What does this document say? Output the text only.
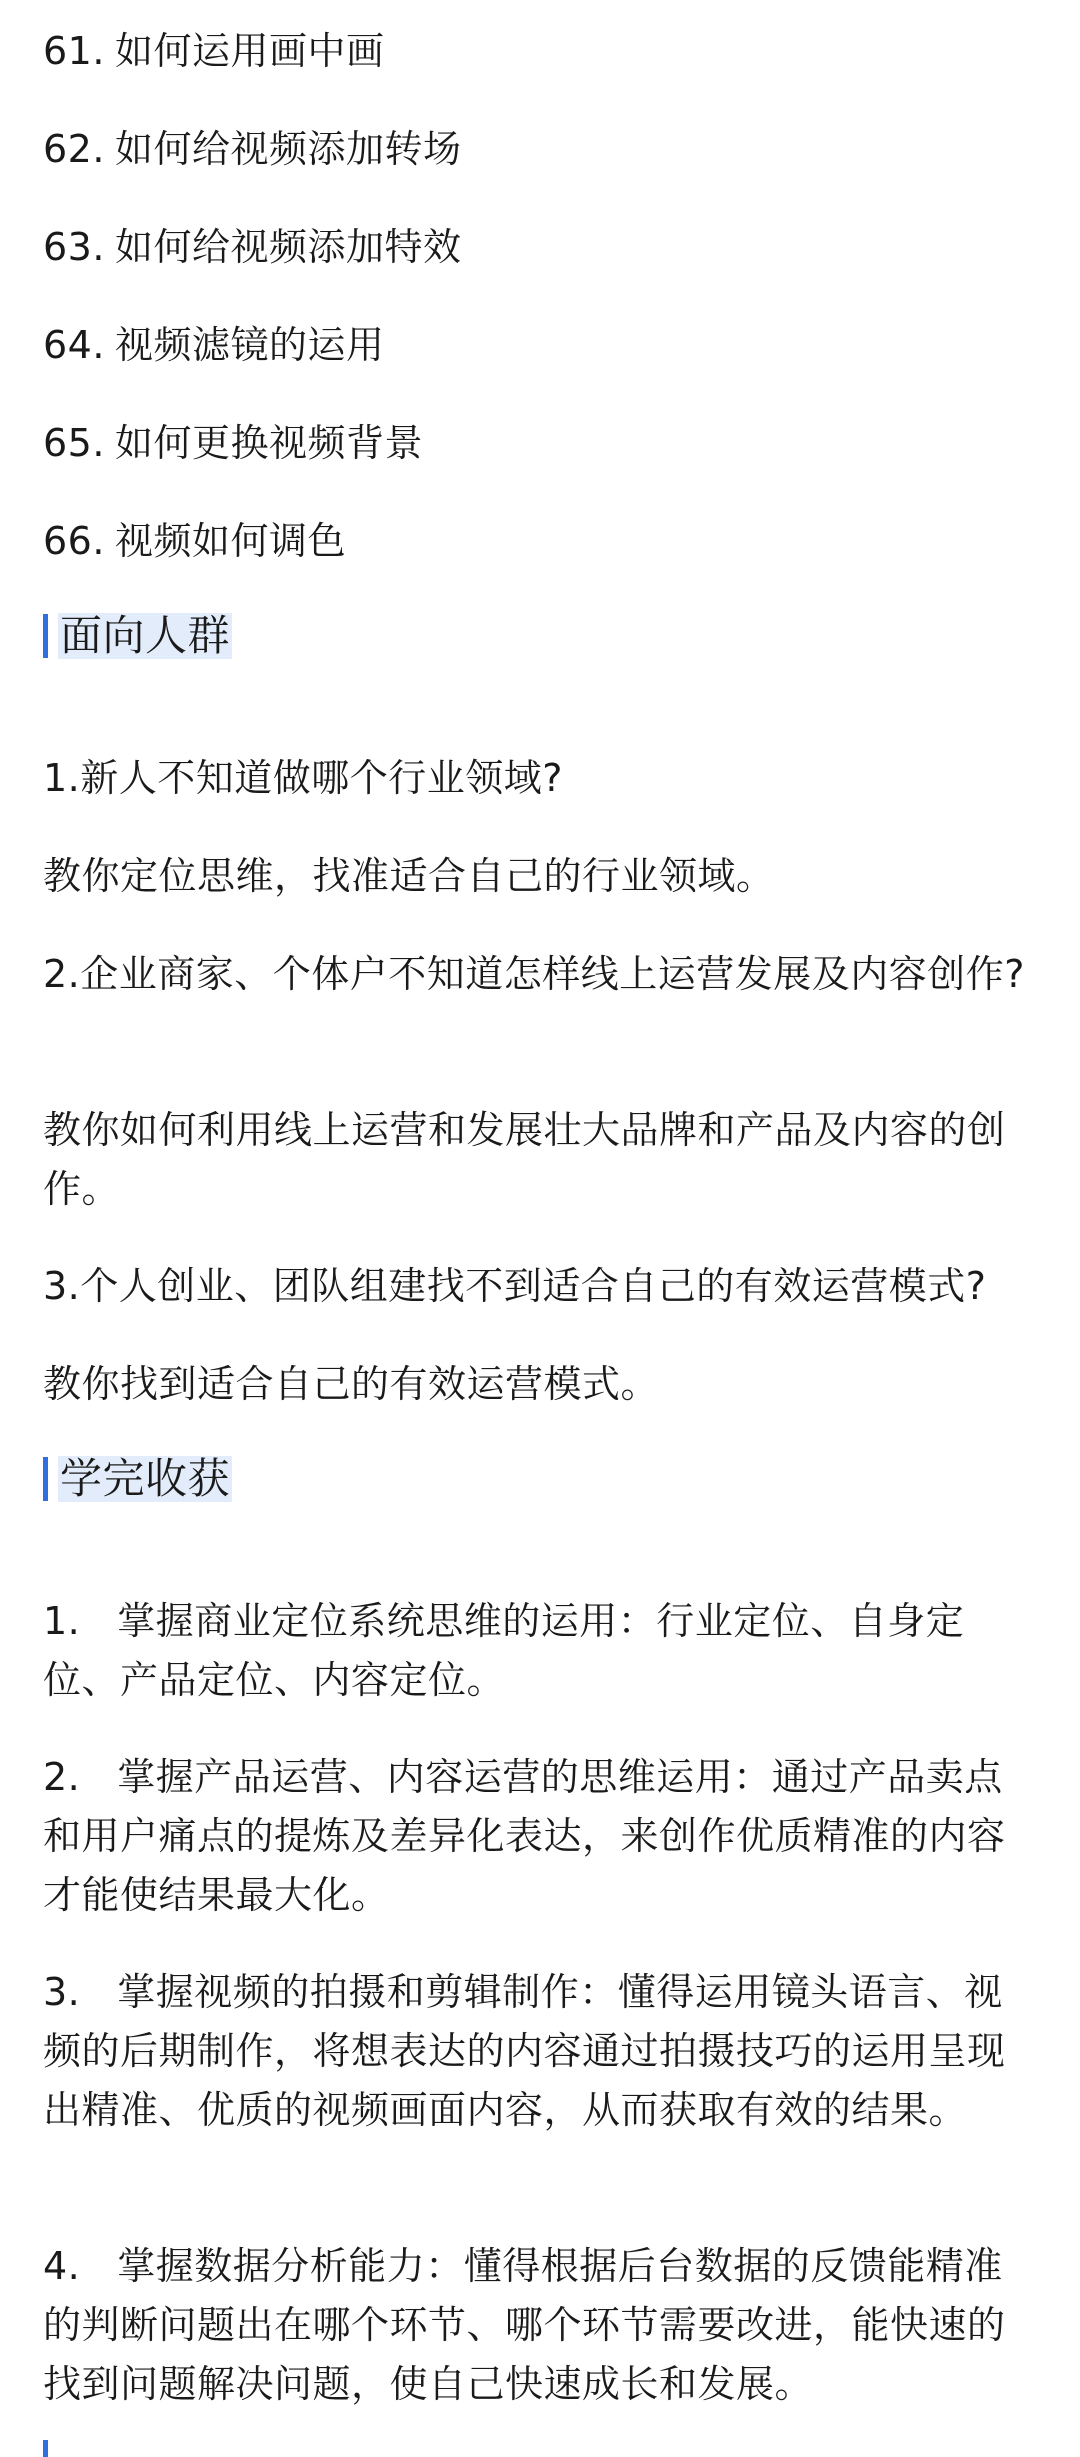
61. 如何运用画中画
62. 如何给视频添加转场
63. 如何给视频添加特效
64. 视频滤镜的运用
65. 如何更换视频背景
66. 视频如何调色
面向人群
1.新人不知道做哪个行业领域?
教你定位思维，找准适合自己的行业领域。
2.企业商家、个体户不知道怎样线上运营发展及内容创作?
教你如何利用线上运营和发展壮大品牌和产品及内容的创作。
3.个人创业、团队组建找不到适合自己的有效运营模式?
教你找到适合自己的有效运营模式。
学完收获
1. 掌握商业定位系统思维的运用：行业定位、自身定位、产品定位、内容定位。
2. 掌握产品运营、内容运营的思维运用：通过产品卖点和用户痛点的提炼及差异化表达，来创作优质精准的内容才能使结果最大化。
3. 掌握视频的拍摄和剪辑制作：懂得运用镜头语言、视频的后期制作，将想表达的内容通过拍摄技巧的运用呈现出精准、优质的视频画面内容，从而获取有效的结果。
4. 掌握数据分析能力：懂得根据后台数据的反馈能精准的判断问题出在哪个环节、哪个环节需要改进，能快速的找到问题解决问题，使自己快速成长和发展。
